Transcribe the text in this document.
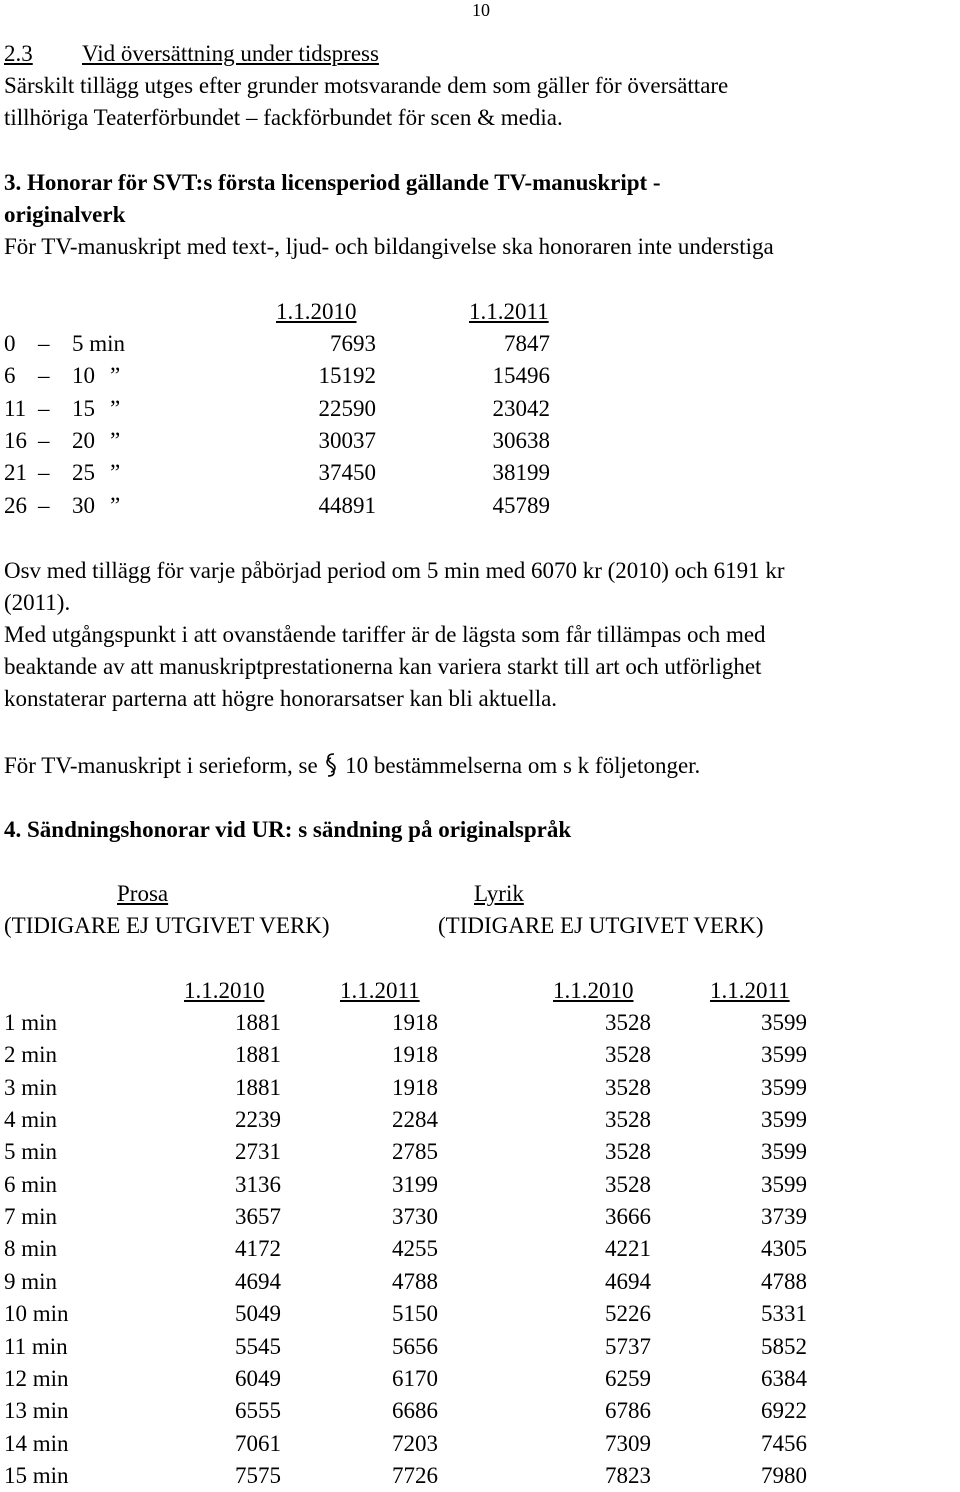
10
2.3 Vid översättning under tidspress
Särskilt tillägg utges efter grunder motsvarande dem som gäller för översättare
tillhöriga Teaterförbundet – fackförbundet för scen & media.
3. Honorar för SVT:s första licensperiod gällande TV-manuskript -
originalverk
För TV-manuskript med text-, ljud- och bildangivelse ska honoraren inte understiga
1.1.2010	1.1.2011
0 – 5 min	7693	7847
6 – 10 ”	15192	15496
11 – 15 ”	22590	23042
16 – 20 ”	30037	30638
21 – 25 ”	37450	38199
26 – 30 ”	44891	45789
Osv med tillägg för varje påbörjad period om 5 min med 6070 kr (2010) och 6191 kr
(2011).
Med utgångspunkt i att ovanstående tariffer är de lägsta som får tillämpas och med
beaktande av att manuskriptprestationerna kan variera starkt till art och utförlighet
konstaterar parterna att högre honorarsatser kan bli aktuella.
För TV-manuskript i serieform, se 10 bestämmelserna om s k följetonger.
4. Sändningshonorar vid UR: s sändning på originalspråk
Prosa	Lyrik
(TIDIGARE EJ UTGIVET VERK)	(TIDIGARE EJ UTGIVET VERK)
1.1.2010	1.1.2011	1.1.2010	1.1.2011
1 min	1881	1918	3528	3599
2 min	1881	1918	3528	3599
3 min	1881	1918	3528	3599
4 min	2239	2284	3528	3599
5 min	2731	2785	3528	3599
6 min	3136	3199	3528	3599
7 min	3657	3730	3666	3739
8 min	4172	4255	4221	4305
9 min	4694	4788	4694	4788
10 min	5049	5150	5226	5331
11 min	5545	5656	5737	5852
12 min	6049	6170	6259	6384
13 min	6555	6686	6786	6922
14 min	7061	7203	7309	7456
15 min	7575	7726	7823	7980
